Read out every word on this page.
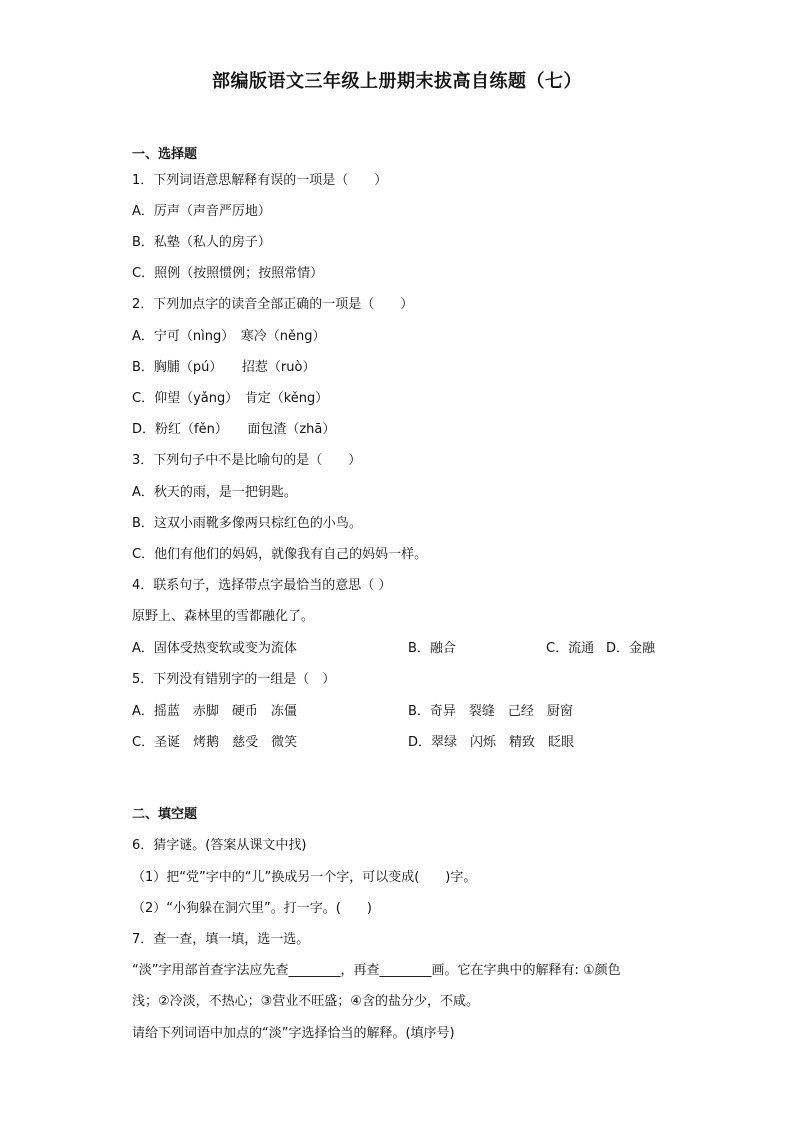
部编版语文三年级上册期末拔高自练题（七）
一、选择题
1．下列词语意思解释有误的一项是（　　）
A．厉声（声音严厉地）
B．私塾（私人的房子）
C．照例（按照惯例；按照常情）
2．下列加点字的读音全部正确的一项是（　　）
A．宁可（nìng）　寒冷（něng）
B．胸脯（pú）　　招惹（ruò）
C．仰望（yǎng）　肯定（kěng）
D．粉红（fěn）　　面包渣（zhā）
3．下列句子中不是比喻句的是（　　）
A．秋天的雨，是一把钥匙。
B．这双小雨靴多像两只棕红色的小鸟。
C．他们有他们的妈妈，就像我有自己的妈妈一样。
4．联系句子，选择带点字最恰当的意思（ ）
原野上、森林里的雪都融化了。
A．固体受热变软或变为流体	B．融合	C．流通 D．金融
5．下列没有错别字的一组是（　）
A．摇蓝　赤脚　硬币　冻僵	B．奇异　裂缝　己经　厨窗
C．圣诞　烤鹅　慈受　微笑	D．翠绿　闪烁　精致　眨眼
二、填空题
6．猜字谜。(答案从课文中找)
（1）把“党”字中的“儿”换成另一个字，可以变成(　　)字。
（2）“小狗躲在洞穴里”。打一字。(　　)
7．查一查，填一填，选一选。
“淡”字用部首查字法应先查________，再查________画。它在字典中的解释有: ①颜色
浅；②冷淡，不热心；③营业不旺盛；④含的盐分少，不咸。
请给下列词语中加点的“淡”字选择恰当的解释。(填序号)
